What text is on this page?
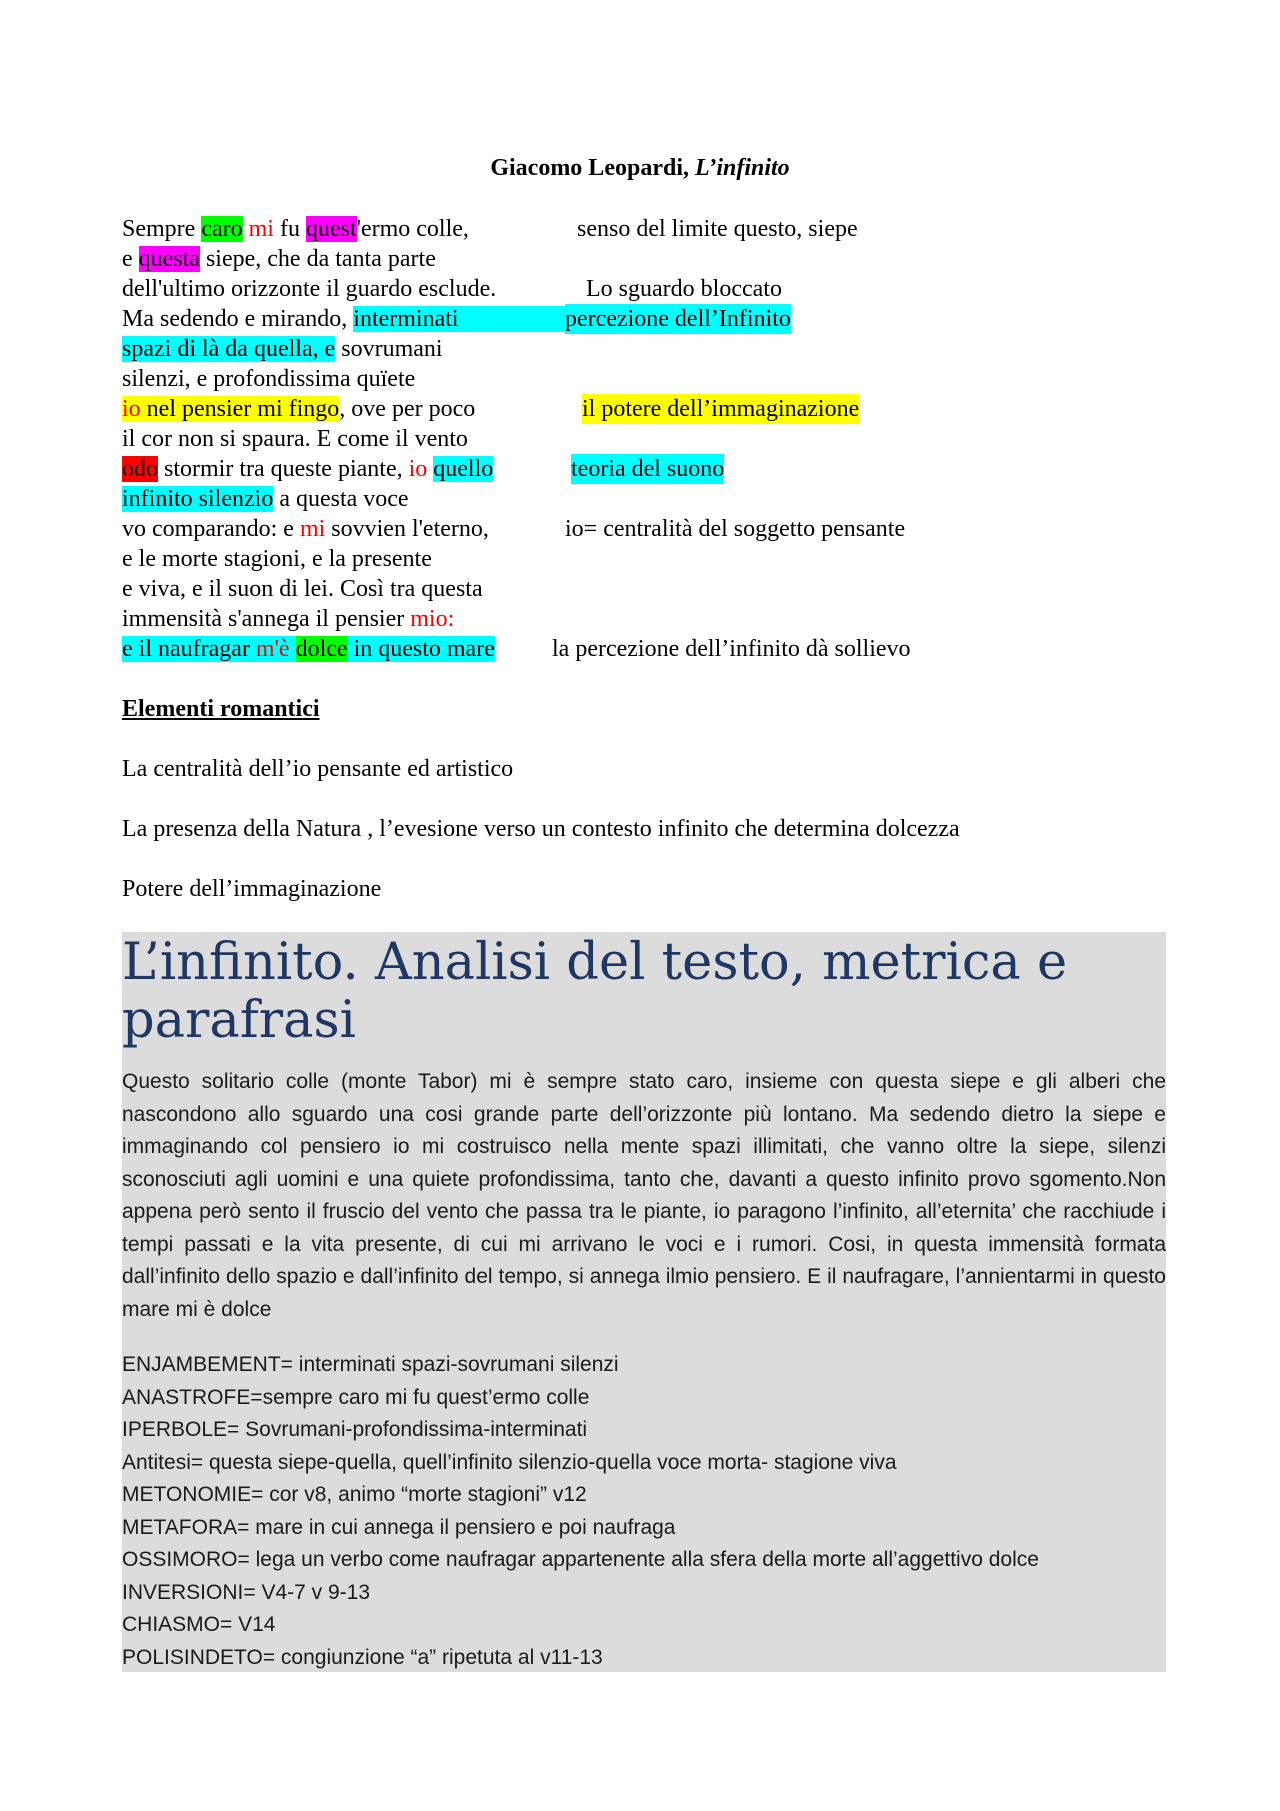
Giacomo Leopardi, L’infinito
Sempre caro mi fu quest'ermo colle,
e questa siepe, che da tanta parte
dell'ultimo orizzonte il guardo esclude.
Ma sedendo e mirando, interminati
spazi di là da quella, e sovrumani
silenzi, e profondissima quïete
io nel pensier mi fingo, ove per poco
il cor non si spaura. E come il vento
odo stormir tra queste piante, io quello
infinito silenzio a questa voce
vo comparando: e mi sovvien l'eterno,
e le morte stagioni, e la presente
e viva, e il suon di lei. Così tra questa
immensità s'annega il pensier mio:
e il naufragar m'è dolce in questo mare
senso del limite questo, siepe
Lo sguardo bloccato
percezione dell’Infinito
il potere dell’immaginazione
teoria del suono
io= centralità del soggetto pensante
la percezione dell’infinito dà sollievo
Elementi romantici
La centralità dell’io pensante ed artistico
La presenza della Natura , l’evesione verso un contesto infinito che determina dolcezza
Potere dell’immaginazione
L’infinito. Analisi del testo, metrica e parafrasi
Questo solitario colle (monte Tabor) mi è sempre stato caro, insieme con questa siepe e gli alberi che nascondono allo sguardo una cosi grande parte dell’orizzonte più lontano. Ma sedendo dietro la siepe e immaginando col pensiero io mi costruisco nella mente spazi illimitati, che vanno oltre la siepe, silenzi sconosciuti agli uomini e una quiete profondissima, tanto che, davanti a questo infinito provo sgomento.Non appena però sento il fruscio del vento che passa tra le piante, io paragono l’infinito, all’eternita’ che racchiude i tempi passati e la vita presente, di cui mi arrivano le voci e i rumori. Cosi, in questa immensità formata dall’infinito dello spazio e dall’infinito del tempo, si annega ilmio pensiero. E il naufragare, l’annientarmi in questo mare mi è dolce
ENJAMBEMENT= interminati spazi-sovrumani silenzi
ANASTROFE=sempre caro mi fu quest’ermo colle
IPERBOLE= Sovrumani-profondissima-interminati
Antitesi= questa siepe-quella, quell’infinito silenzio-quella voce morta- stagione viva
METONOMIE= cor v8, animo “morte stagioni” v12
METAFORA= mare in cui annega il pensiero e poi naufraga
OSSIMORO= lega un verbo come naufragar appartenente alla sfera della morte all’aggettivo dolce
INVERSIONI= V4-7 v 9-13
CHIASMO= V14
POLISINDETO= congiunzione “a” ripetuta al v11-13
